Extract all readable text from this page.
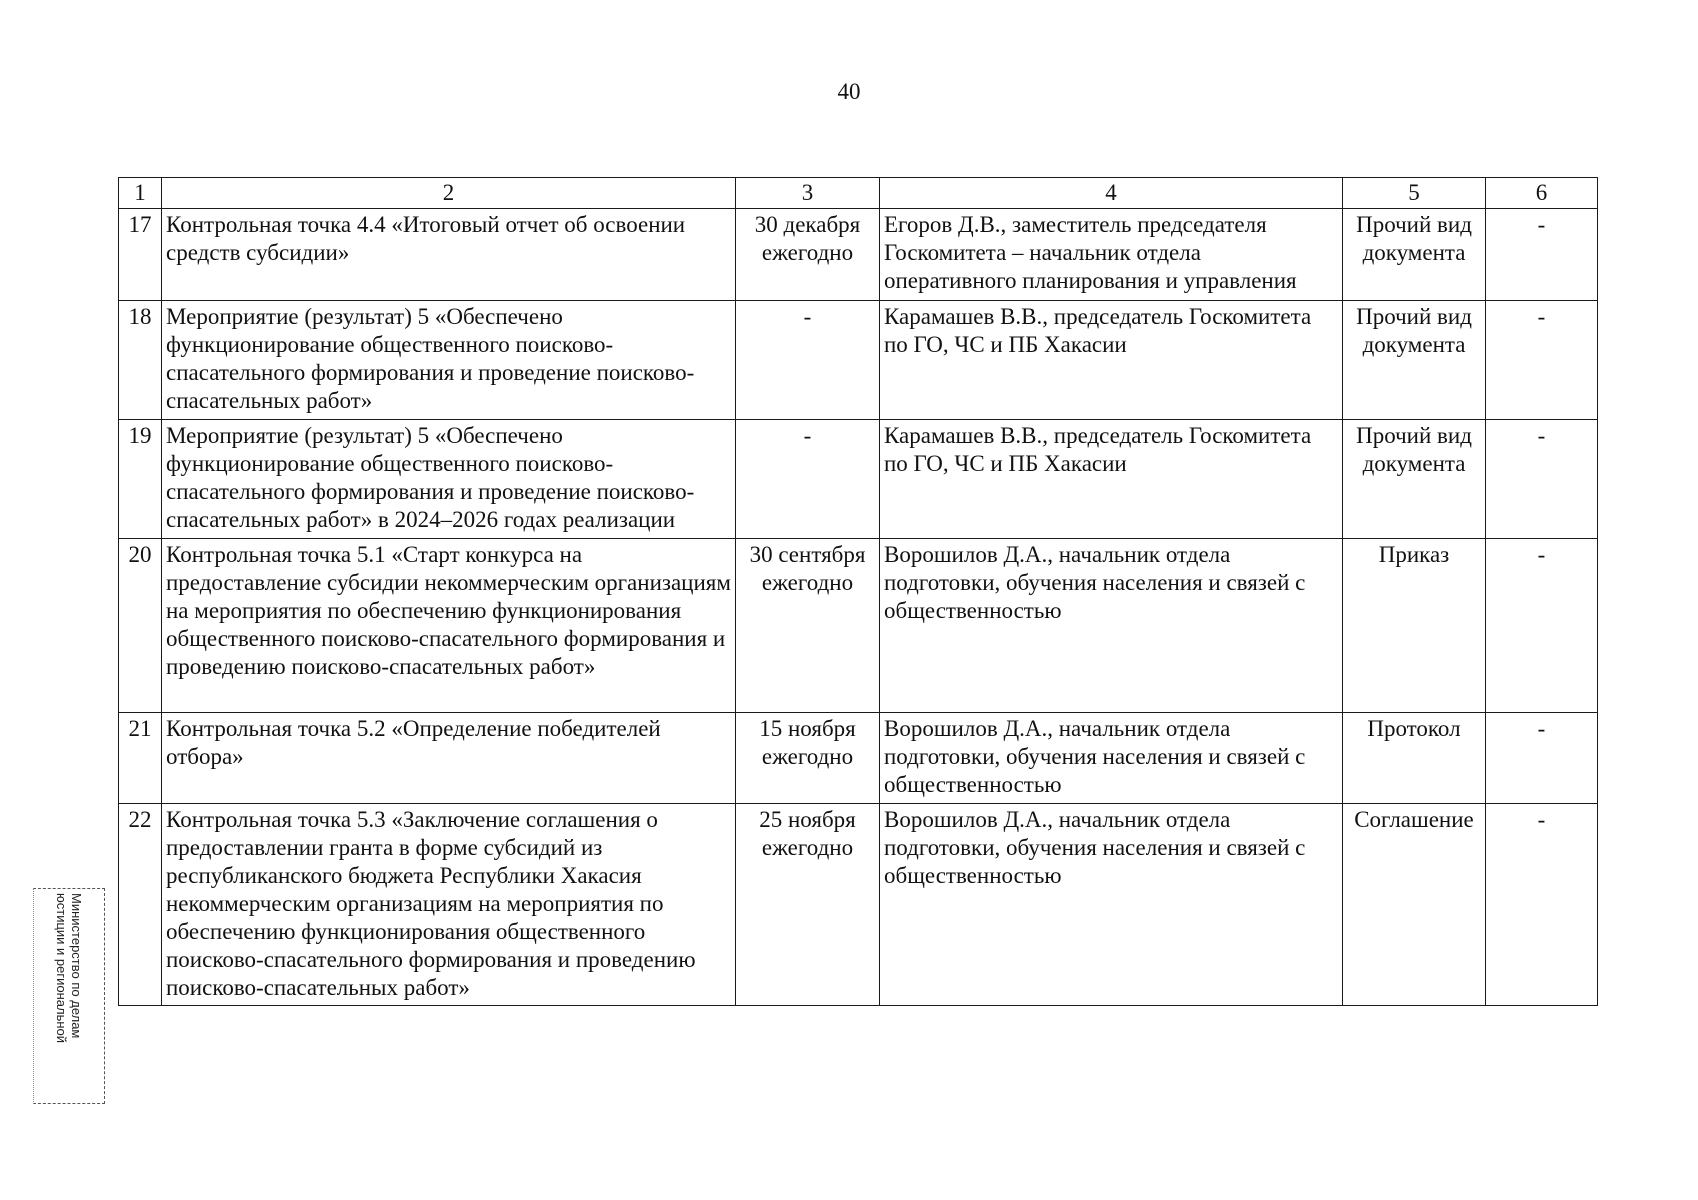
40
1	2	3	4	5	6
17	Контрольная точка 4.4 «Итоговый отчет об освоении средств субсидии»	30 декабря ежегодно	Егоров Д.В., заместитель председателя Госкомитета – начальник отдела оперативного планирования и управления	Прочий вид документа	-
18	Мероприятие (результат) 5 «Обеспечено функционирование общественного поисково-спасательного формирования и проведение поисково-спасательных работ»	-	Карамашев В.В., председатель Госкомитета по ГО, ЧС и ПБ Хакасии	Прочий вид документа	-
19	Мероприятие (результат) 5 «Обеспечено функционирование общественного поисково-спасательного формирования и проведение поисково-спасательных работ» в 2024–2026 годах реализации	-	Карамашев В.В., председатель Госкомитета по ГО, ЧС и ПБ Хакасии	Прочий вид документа	-
20	Контрольная точка 5.1 «Старт конкурса на предоставление субсидии некоммерческим организациям на мероприятия по обеспечению функционирования общественного поисково-спасательного формирования и проведению поисково-спасательных работ»	30 сентября ежегодно	Ворошилов Д.А., начальник отдела подготовки, обучения населения и связей с общественностью	Приказ	-
21	Контрольная точка 5.2 «Определение победителей отбора»	15 ноября ежегодно	Ворошилов Д.А., начальник отдела подготовки, обучения населения и связей с общественностью	Протокол	-
22	Контрольная точка 5.3 «Заключение соглашения о предоставлении гранта в форме субсидий из республиканского бюджета Республики Хакасия некоммерческим организациям на мероприятия по обеспечению функционирования общественного поисково-спасательного формирования и проведению поисково-спасательных работ»	25 ноября ежегодно	Ворошилов Д.А., начальник отдела подготовки, обучения населения и связей с общественностью	Соглашение	-
Министерство по делам
юстиции и региональной
